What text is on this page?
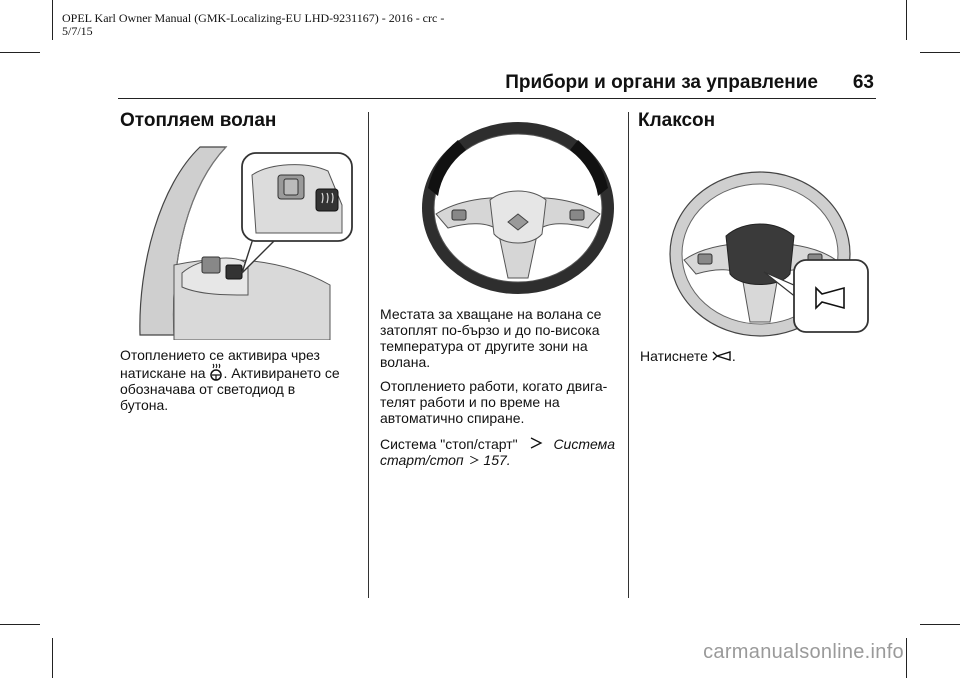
OPEL Karl Owner Manual (GMK-Localizing-EU LHD-9231167) - 2016 - crc -
5/7/15
Прибори и органи за управление 63
Отопляем волан

Отоплението се активира чрез
натискане на . Активирането се
обозначава от светодиод в
бутона.

Местата за хващане на волана се
затоплят по-бързо и до по-висока
температура от другите зони на
волана.

Отоплението работи, когато двига-
телят работи и по време на
автоматично спиране.

Система "стоп/старт"	Система
старт/стоп 157.

Клаксон

Натиснете .

carmanualsonline.info
